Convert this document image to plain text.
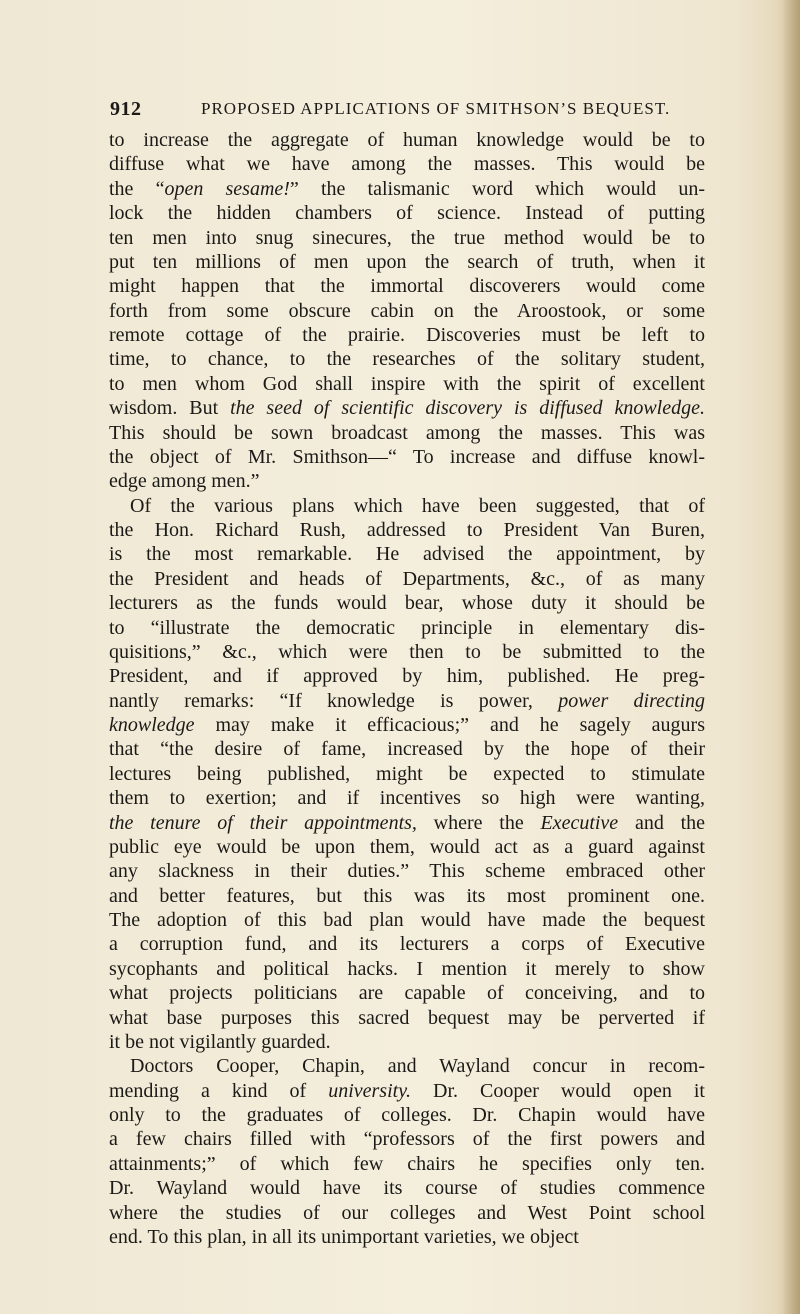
912	PROPOSED APPLICATIONS OF SMITHSON’S BEQUEST.
to increase the aggregate of human knowledge would be to
diffuse what we have among the masses. This would be
the “open sesame!” the talismanic word which would un-
lock the hidden chambers of science. Instead of putting
ten men into snug sinecures, the true method would be to
put ten millions of men upon the search of truth, when it
might happen that the immortal discoverers would come
forth from some obscure cabin on the Aroostook, or some
remote cottage of the prairie. Discoveries must be left to
time, to chance, to the researches of the solitary student,
to men whom God shall inspire with the spirit of excellent
wisdom. But the seed of scientific discovery is diffused knowledge.
This should be sown broadcast among the masses. This was
the object of Mr. Smithson—“ To increase and diffuse knowl-
edge among men.”
Of the various plans which have been suggested, that of
the Hon. Richard Rush, addressed to President Van Buren,
is the most remarkable. He advised the appointment, by
the President and heads of Departments, &c., of as many
lecturers as the funds would bear, whose duty it should be
to “illustrate the democratic principle in elementary dis-
quisitions,” &c., which were then to be submitted to the
President, and if approved by him, published. He preg-
nantly remarks: “If knowledge is power, power directing
knowledge may make it efficacious;” and he sagely augurs
that “the desire of fame, increased by the hope of their
lectures being published, might be expected to stimulate
them to exertion; and if incentives so high were wanting,
the tenure of their appointments, where the Executive and the
public eye would be upon them, would act as a guard against
any slackness in their duties.” This scheme embraced other
and better features, but this was its most prominent one.
The adoption of this bad plan would have made the bequest
a corruption fund, and its lecturers a corps of Executive
sycophants and political hacks. I mention it merely to show
what projects politicians are capable of conceiving, and to
what base purposes this sacred bequest may be perverted if
it be not vigilantly guarded.
Doctors Cooper, Chapin, and Wayland concur in recom-
mending a kind of university. Dr. Cooper would open it
only to the graduates of colleges. Dr. Chapin would have
a few chairs filled with “professors of the first powers and
attainments;” of which few chairs he specifies only ten.
Dr. Wayland would have its course of studies commence
where the studies of our colleges and West Point school
end. To this plan, in all its unimportant varieties, we object
